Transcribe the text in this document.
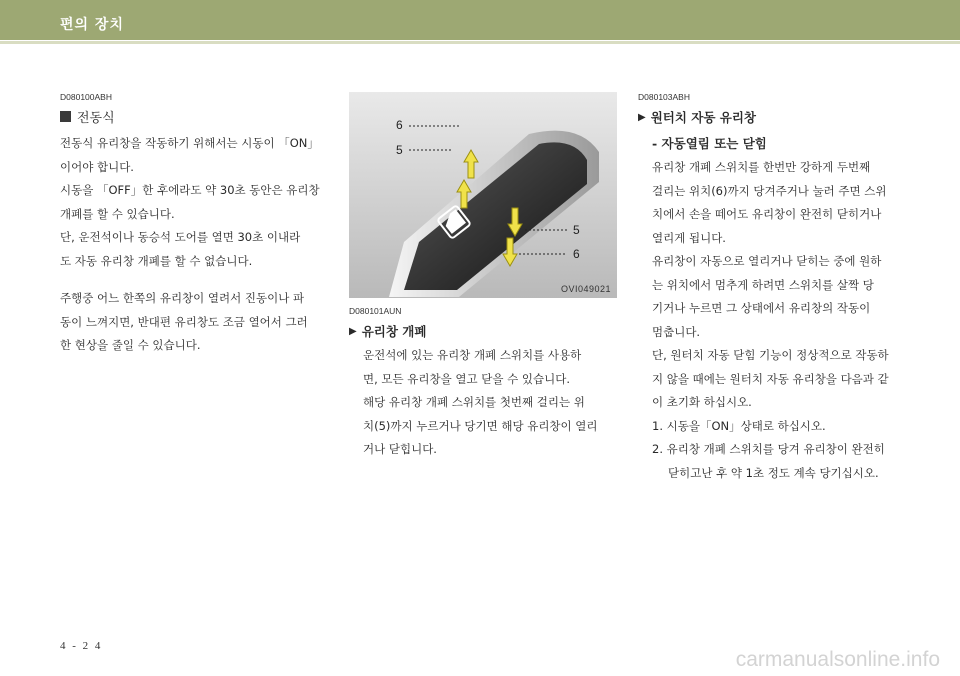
편의 장치
D080100ABH
전동식

전동식 유리창을 작동하기 위해서는 시동이 「ON」

이어야 합니다.

시동을 「OFF」한 후에라도 약 30초 동안은 유리창

개폐를 할 수 있습니다.

단, 운전석이나 동승석 도어를 열면 30초 이내라

도 자동 유리창 개폐를 할 수 없습니다.

주행중 어느 한쪽의 유리창이 열려서 진동이나 파

동이 느껴지면, 반대편 유리창도 조금 열어서 그러

한 현상을 줄일 수 있습니다.

6
5
5
6
OVI049021
D080101AUN
▶ 유리창 개폐

운전석에 있는 유리창 개폐 스위치를 사용하

면, 모든 유리창을 열고 닫을 수 있습니다.

해당 유리창 개폐 스위치를 첫번째 걸리는 위

치(5)까지 누르거나 당기면 해당 유리창이 열리

거나 닫힙니다.

D080103ABH
▶ 원터치 자동 유리창
- 자동열림 또는 닫힘

유리창 개폐 스위치를 한번만 강하게 두번째

걸리는 위치(6)까지 당겨주거나 눌러 주면 스위

치에서 손을 떼어도 유리창이 완전히 닫히거나

열리게 됩니다.

유리창이 자동으로 열리거나 닫히는 중에 원하

는 위치에서 멈추게 하려면 스위치를 살짝 당

기거나 누르면 그 상태에서 유리창의 작동이

멈춥니다.

단, 원터치 자동 닫힘 기능이 정상적으로 작동하

지 않을 때에는 원터치 자동 유리창을 다음과 같

이 초기화 하십시오.

1. 시동을「ON」상태로 하십시오.

2. 유리창 개폐 스위치를 당겨 유리창이 완전히

닫히고난 후 약 1초 정도 계속 당기십시오.

4 - 2 4
carmanualsonline.info
